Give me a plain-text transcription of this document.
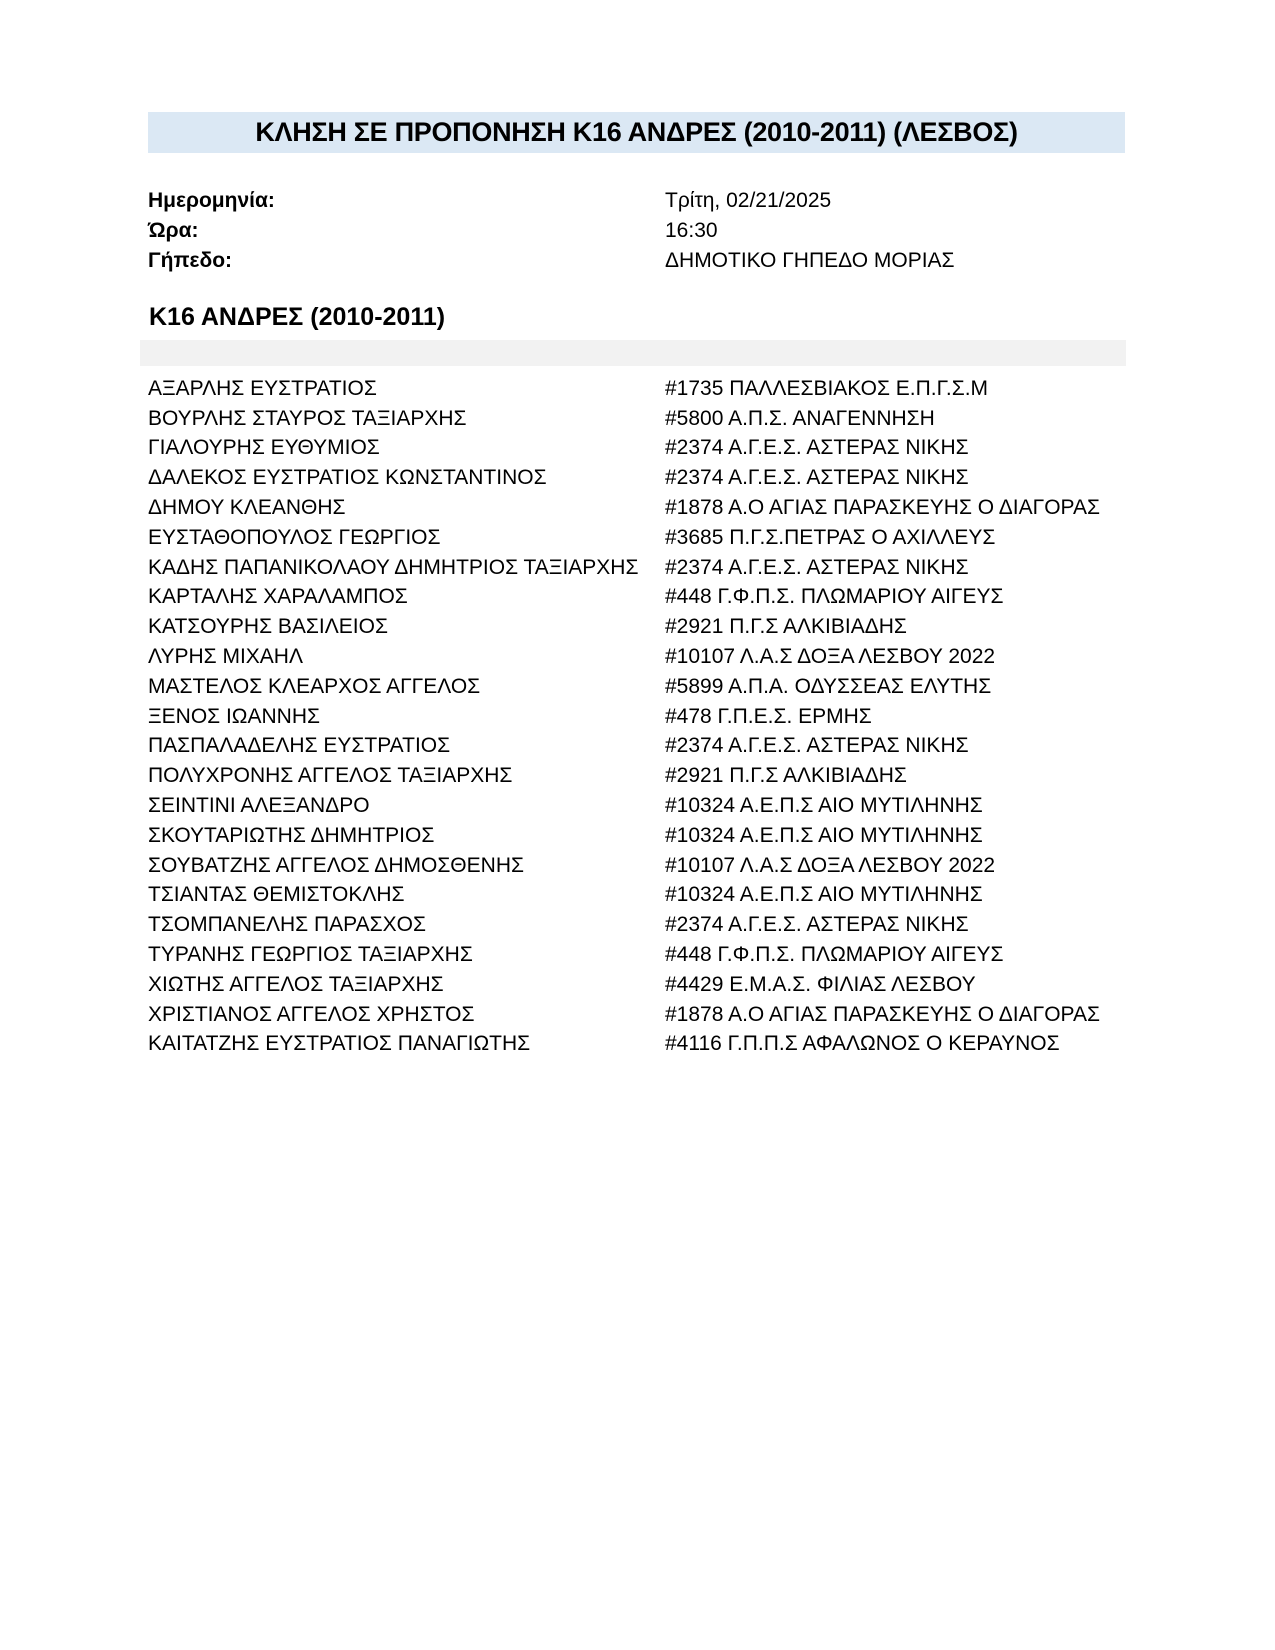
ΚΛΗΣΗ ΣΕ ΠΡΟΠΟΝΗΣΗ Κ16 ΑΝΔΡΕΣ (2010-2011) (ΛΕΣΒΟΣ)
Ημερομηνία:	Τρίτη, 02/21/2025
Ώρα:	16:30
Γήπεδο:	ΔΗΜΟΤΙΚΟ ΓΗΠΕΔΟ ΜΟΡΙΑΣ
Κ16 ΑΝΔΡΕΣ (2010-2011)
ΑΞΑΡΛΗΣ ΕΥΣΤΡΑΤΙΟΣ	#1735 ΠΑΛΛΕΣΒΙΑΚΟΣ Ε.Π.Γ.Σ.Μ
ΒΟΥΡΛΗΣ ΣΤΑΥΡΟΣ ΤΑΞΙΑΡΧΗΣ	#5800 Α.Π.Σ. ΑΝΑΓΕΝΝΗΣΗ
ΓΙΑΛΟΥΡΗΣ ΕΥΘΥΜΙΟΣ	#2374 Α.Γ.Ε.Σ. ΑΣΤΕΡΑΣ ΝΙΚΗΣ
ΔΑΛΕΚΟΣ ΕΥΣΤΡΑΤΙΟΣ ΚΩΝΣΤΑΝΤΙΝΟΣ	#2374 Α.Γ.Ε.Σ. ΑΣΤΕΡΑΣ ΝΙΚΗΣ
ΔΗΜΟΥ ΚΛΕΑΝΘΗΣ	#1878 Α.Ο ΑΓΙΑΣ ΠΑΡΑΣΚΕΥΗΣ Ο ΔΙΑΓΟΡΑΣ
ΕΥΣΤΑΘΟΠΟΥΛΟΣ ΓΕΩΡΓΙΟΣ	#3685 Π.Γ.Σ.ΠΕΤΡΑΣ Ο ΑΧΙΛΛΕΥΣ
ΚΑΔΗΣ ΠΑΠΑΝΙΚΟΛΑΟΥ ΔΗΜΗΤΡΙΟΣ ΤΑΞΙΑΡΧΗΣ	#2374 Α.Γ.Ε.Σ. ΑΣΤΕΡΑΣ ΝΙΚΗΣ
ΚΑΡΤΑΛΗΣ ΧΑΡΑΛΑΜΠΟΣ	#448 Γ.Φ.Π.Σ. ΠΛΩΜΑΡΙΟΥ ΑΙΓΕΥΣ
ΚΑΤΣΟΥΡΗΣ ΒΑΣΙΛΕΙΟΣ	#2921 Π.Γ.Σ ΑΛΚΙΒΙΑΔΗΣ
ΛΥΡΗΣ ΜΙΧΑΗΛ	#10107 Λ.Α.Σ ΔΟΞΑ ΛΕΣΒΟΥ 2022
ΜΑΣΤΕΛΟΣ ΚΛΕΑΡΧΟΣ ΑΓΓΕΛΟΣ	#5899 Α.Π.Α. ΟΔΥΣΣΕΑΣ ΕΛΥΤΗΣ
ΞΕΝΟΣ ΙΩΑΝΝΗΣ	#478 Γ.Π.Ε.Σ. ΕΡΜΗΣ
ΠΑΣΠΑΛΑΔΕΛΗΣ ΕΥΣΤΡΑΤΙΟΣ	#2374 Α.Γ.Ε.Σ. ΑΣΤΕΡΑΣ ΝΙΚΗΣ
ΠΟΛΥΧΡΟΝΗΣ ΑΓΓΕΛΟΣ ΤΑΞΙΑΡΧΗΣ	#2921 Π.Γ.Σ ΑΛΚΙΒΙΑΔΗΣ
ΣΕΙΝΤΙΝΙ ΑΛΕΞΑΝΔΡΟ	#10324 Α.Ε.Π.Σ ΑΙΟ ΜΥΤΙΛΗΝΗΣ
ΣΚΟΥΤΑΡΙΩΤΗΣ ΔΗΜΗΤΡΙΟΣ	#10324 Α.Ε.Π.Σ ΑΙΟ ΜΥΤΙΛΗΝΗΣ
ΣΟΥΒΑΤΖΗΣ ΑΓΓΕΛΟΣ ΔΗΜΟΣΘΕΝΗΣ	#10107 Λ.Α.Σ ΔΟΞΑ ΛΕΣΒΟΥ 2022
ΤΣΙΑΝΤΑΣ ΘΕΜΙΣΤΟΚΛΗΣ	#10324 Α.Ε.Π.Σ ΑΙΟ ΜΥΤΙΛΗΝΗΣ
ΤΣΟΜΠΑΝΕΛΗΣ ΠΑΡΑΣΧΟΣ	#2374 Α.Γ.Ε.Σ. ΑΣΤΕΡΑΣ ΝΙΚΗΣ
ΤΥΡΑΝΗΣ ΓΕΩΡΓΙΟΣ ΤΑΞΙΑΡΧΗΣ	#448 Γ.Φ.Π.Σ. ΠΛΩΜΑΡΙΟΥ ΑΙΓΕΥΣ
ΧΙΩΤΗΣ ΑΓΓΕΛΟΣ ΤΑΞΙΑΡΧΗΣ	#4429 Ε.Μ.Α.Σ. ΦΙΛΙΑΣ ΛΕΣΒΟΥ
ΧΡΙΣΤΙΑΝΟΣ ΑΓΓΕΛΟΣ ΧΡΗΣΤΟΣ	#1878 Α.Ο ΑΓΙΑΣ ΠΑΡΑΣΚΕΥΗΣ Ο ΔΙΑΓΟΡΑΣ
ΚΑΙΤΑΤΖΗΣ ΕΥΣΤΡΑΤΙΟΣ ΠΑΝΑΓΙΩΤΗΣ	#4116 Γ.Π.Π.Σ ΑΦΑΛΩΝΟΣ Ο ΚΕΡΑΥΝΟΣ
